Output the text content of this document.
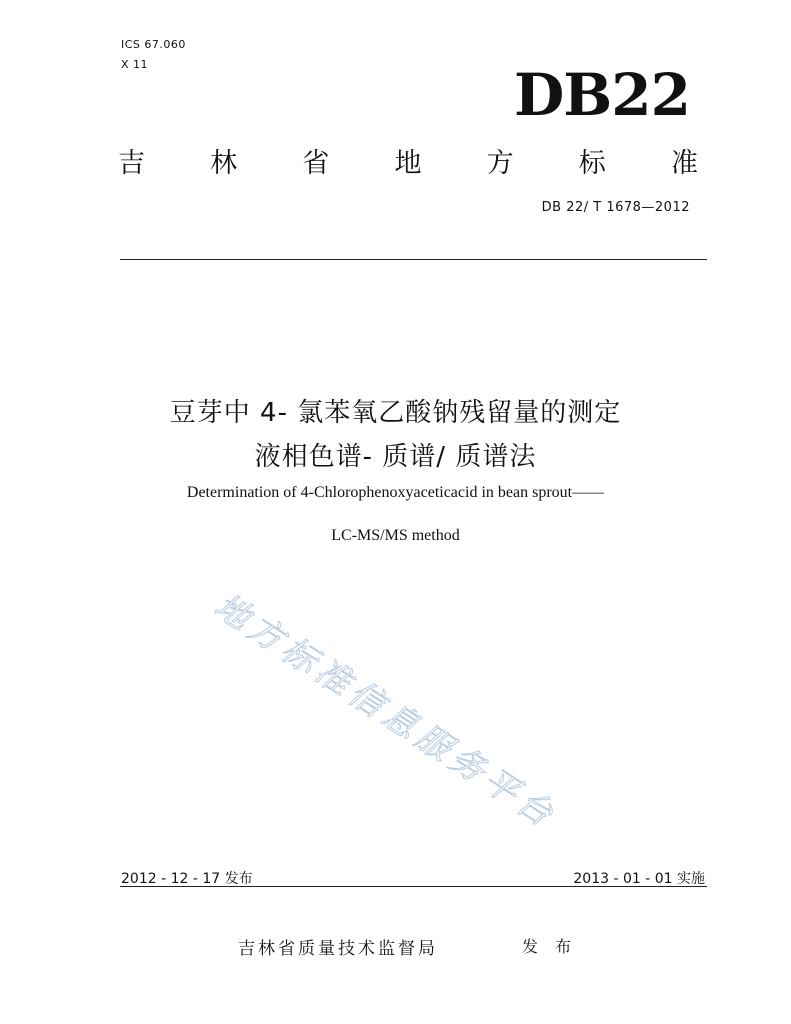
ICS 67.060
X 11	DB22
吉 林 省 地 方 标 准
DB 22/ T 1678—2012
豆芽中 4- 氯苯氧乙酸钠残留量的测定
液相色谱- 质谱/ 质谱法
Determination of 4-Chlorophenoxyaceticacid in bean sprout——
LC-MS/MS method
地方标准信息服务平台
2012 - 12 - 17 发布	2013 - 01 - 01 实施
吉林省质量技术监督局	发 布
